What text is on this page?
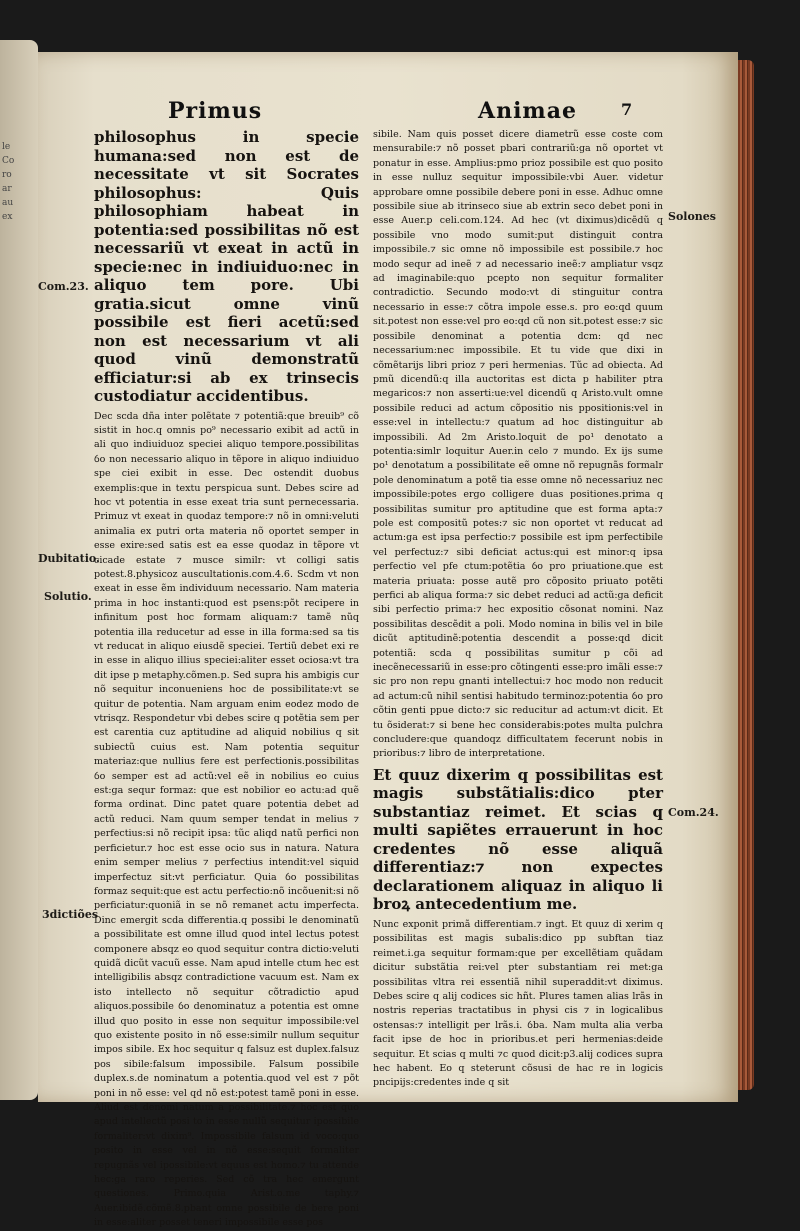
le
Co
ro
ar
au
ex
Primus	Animae	7

philosophus in specie humana:sed non est de necessitate vt sit Socrates philosophus: Quis philosophiam habeat in potentia:sed possibilitas nõ est necessariũ vt exeat in actũ in specie:nec in indiuiduo:nec in aliquo tem pore. Ubi gratia.sicut omne vinũ possibile est fieri acetũ:sed non est necessarium vt ali quod vinũ demonstratũ efficiatur:si ab ex trinsecis custodiatur accidentibus.

Dec scda dña inter polẽtate ⁊ potentiã:que breuib⁹ cõ sistit in hoc.q omnis po⁹ necessario exibit ad actũ in ali quo indiuiduoz speciei aliquo tempore.possibilitas ỽo non necessario aliquo in tẽpore in aliquo indiuiduo spe ciei exibit in esse. Dec ostendit duobus exemplis:que in textu perspicua sunt. Debes scire ad hoc vt potentia in esse exeat tria sunt pernecessaria. Primuz vt exeat in quodaz tempore:⁊ nõ in omni:veluti animalia ex putri orta materia nõ oportet semper in esse exire:sed satis est ea esse quodaz in tẽpore vt cicade estate ⁊ musce similr: vt colligi satis potest.8.physicoz auscultationis.com.4.6. Scdm vt non exeat in esse ẽm individuum necessario. Nam materia prima in hoc instanti:quod est psens:põt recipere in infinitum post hoc formam aliquam:⁊ tamẽ nũq potentia illa reducetur ad esse in illa forma:sed sa tis vt reducat in aliquo eiusdẽ speciei. Tertiũ debet exi re in esse in aliquo illius speciei:aliter esset ociosa:vt tra dit ipse p metaphy.cõmen.p. Sed supra his ambigis cur nõ sequitur inconueniens hoc de possibilitate:vt se quitur de potentia. Nam arguam enim eodez modo de vtrisqz. Respondetur vbi debes scire q potẽtia sem per est carentia cuz aptitudine ad aliquid nobilius q sit subiectũ cuius est. Nam potentia sequitur materiaz:que nullius fere est perfectionis.possibilitas ỽo semper est ad actũ:vel eẽ in nobilius eo cuius est:ga sequr formaz: que est nobilior eo actu:ad quẽ forma ordinat. Dinc patet quare potentia debet ad actũ reduci. Nam quum semper tendat in melius ⁊ perfectius:si nõ recipit ipsa: tũc aliqd natũ perfici non perficietur.⁊ hoc est esse ocio sus in natura. Natura enim semper melius ⁊ perfectius intendit:vel siquid imperfectuz sit:vt perficiatur. Quia ỽo possibilitas formaz sequit:que est actu perfectio:nõ incõuenit:si nõ perficiatur:quoniã in se nõ remanet actu imperfecta. Dinc emergit scda differentia.q possibi le denominatũ a possibilitate est omne illud quod intel lectus potest componere absqz eo quod sequitur contra dictio:veluti quidã dicũt vacuũ esse. Nam apud intelle ctum hec est intelligibilis absqz contradictione vacuum est. Nam ex isto intellecto nõ sequitur cõtradictio apud aliquos.possibile ỽo denominatuz a potentia est omne illud quo posito in esse non sequitur impossibile:vel quo existente posito in nõ esse:similr nullum sequitur impos sibile. Ex hoc sequitur q falsuz est duplex.falsuz pos sibile:falsum impossibile. Falsum possibile duplex.s.de nominatum a potentia.quod vel est ⁊ põt poni in nõ esse: vel qd nõ est:potest tamẽ poni in esse. Aliud est denomi natum a possibilitate.⁊ hoc est quo apud intellectũ posi to in esse nullũ sequitur ipossibile formaliter:vt dixim⁹. Impossibile falsum id voco:quo posito in esse vel in nõ esse:sequit formaliter repugnãs vel ipossibile:vt equus est homo.⁊ tu attende hec:ga raro reperies. Sed cõ tra hec emergunt questiones. Primo.quia Arist.o.me taphy.⁊ Auer.ibidẽ.cõmẽ.8.pbant omne possibile de bere poni in esse:aliter posset teneri impossibile esse pos

sibile. Nam quis posset dicere diametrũ esse coste com mensurabile:⁊ nõ posset pbari contrariũ:ga nõ oportet vt ponatur in esse. Amplius:pmo prioz possibile est quo posito in esse nulluz sequitur impossibile:vbi Auer. videtur approbare omne possibile debere poni in esse. Adhuc omne possibile siue ab itrinseco siue ab extrin seco debet poni in esse Auer.p celi.com.124. Ad hec (vt diximus)dicẽdũ q possibile vno modo sumit:put distinguit contra impossibile.⁊ sic omne nõ impossibile est possibile.⁊ hoc modo sequr ad ineẽ ⁊ ad necessario ineẽ:⁊ ampliatur vsqz ad imaginabile:quo pcepto non sequitur formaliter contradictio. Secundo modo:vt di stinguitur contra necessario in esse:⁊ cõtra impole esse.s. pro eo:qd quum sit.potest non esse:vel pro eo:qd cũ non sit.potest esse:⁊ sic possibile denominat a potentia dcm: qd nec necessarium:nec impossibile. Et tu vide que dixi in cõmẽtarijs libri prioz ⁊ peri hermenias. Tũc ad obiecta. Ad pmũ dicendũ:q illa auctoritas est dicta p habiliter ptra megaricos:⁊ non asserti:ue:vel dicendũ q Aristo.vult omne possibile reduci ad actum cõpositio nis ppositionis:vel in esse:vel in intellectu:⁊ quatum ad hoc distinguitur ab impossibili. Ad 2m Aristo.loquit de po¹ denotato a potentia:simlr loquitur Auer.in celo ⁊ mundo. Ex ijs sume po¹ denotatum a possibilitate eẽ omne nõ repugnãs formalr pole denominatum a potẽ tia esse omne nõ necessariuz nec impossibile:potes ergo colligere duas positiones.prima q possibilitas sumitur pro aptitudine que est forma apta:⁊ pole est compositũ potes:⁊ sic non oportet vt reducat ad actum:ga est ipsa perfectio:⁊ possibile est ipm perfectibile vel perfectuz:⁊ sibi deficiat actus:qui est minor:q ipsa perfectio vel pfe ctum:potẽtia ỽo pro priuatione.que est materia priuata: posse autẽ pro cõposito priuato potẽti perfici ab aliqua forma:⁊ sic debet reduci ad actũ:ga deficit sibi perfectio prima:⁊ hec expositio cõsonat nomini. Naz possibilitas descẽdit a poli. Modo nomina in bilis vel in bile dicũt aptitudinẽ:potentia descendit a posse:qd dicit potentiã: scda q possibilitas sumitur p cõi ad inecẽnecessariũ in esse:pro cõtingenti esse:pro imãli esse:⁊ sic pro non repu gnanti intellectui:⁊ hoc modo non reducit ad actum:cũ nihil sentisi habitudo terminoz:potentia ỽo pro cõtin genti ppue dicto:⁊ sic reducitur ad actum:vt dicit. Et tu õsiderat:⁊ si bene hec considerabis:potes multa pulchra concludere:que quandoqz difficultatem fecerunt nobis in prioribus:⁊ libro de interpretatione.

Et quuz dixerim q possibilitas est magis substãtialis:dico pter substantiaz reimet. Et scias q multi sapiẽtes errauerunt in hoc credentes nõ esse aliquã differentiaz:⁊ non expectes declarationem aliquaz in aliquo li broꝝ antecedentium me.

Nunc exponit primã differentiam.⁊ ingt. Et quuz di xerim q possibilitas est magis subalis:dico pp subftan tiaz reimet.i.ga sequitur formam:que per excellẽtiam quãdam dicitur substãtia rei:vel pter substantiam rei met:ga possibilitas vltra rei essentiã nihil superaddit:vt diximus. Debes scire q alij codices sic hñt. Plures tamen alias lrãs in nostris reperias tractatibus in physi cis ⁊ in logicalibus ostensas:⁊ intelligit per lrãs.i. ỽba. Nam multa alia verba facit ipse de hoc in prioribus.et peri hermenias:deide sequitur. Et scias q multi ⁊c quod dicit:p3.alij codices supra hec habent. Eo q steterunt cõsusi de hac re in logicis pncipijs:credentes inde q sit

Com.23.
Dubitatio.
Solutio.
3dictiões
Solones
Com.24.
